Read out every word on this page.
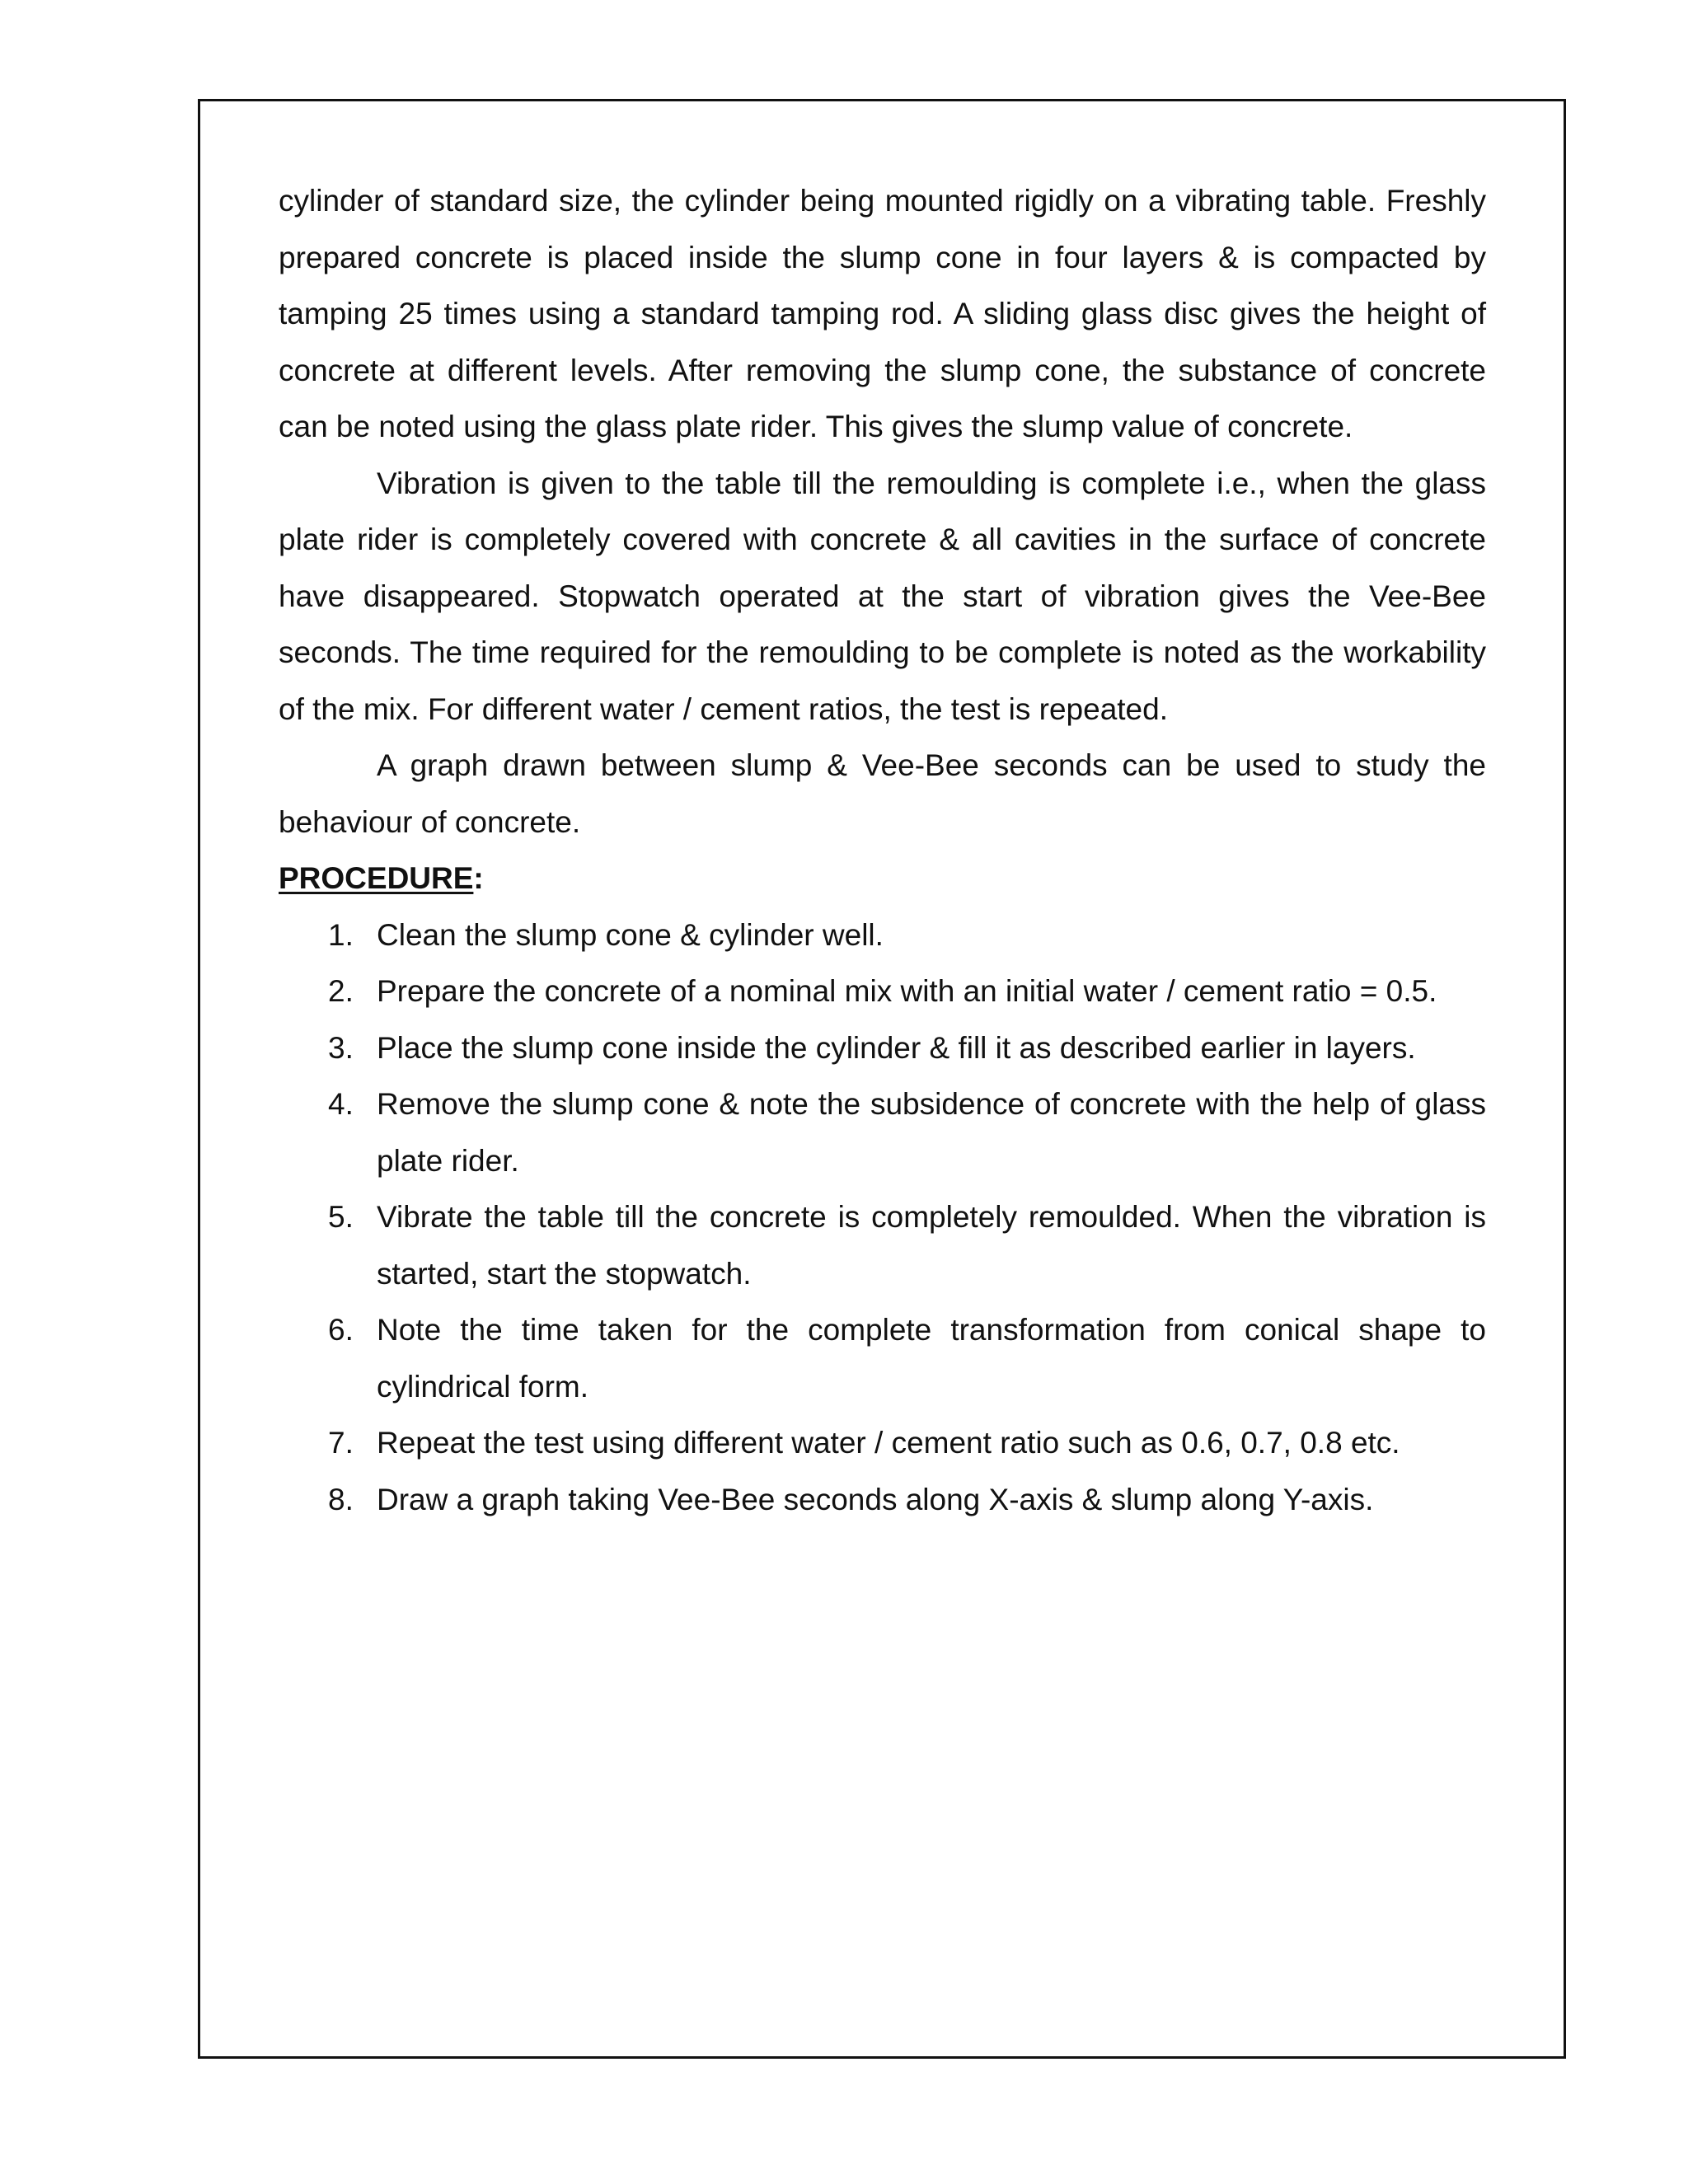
cylinder of standard size, the cylinder being mounted rigidly on a vibrating table. Freshly prepared concrete is placed inside the slump cone in four layers & is compacted by tamping 25 times using a standard tamping rod. A sliding glass disc gives the height of concrete at different levels. After removing the slump cone, the substance of concrete can be noted using the glass plate rider. This gives the slump value of concrete.

Vibration is given to the table till the remoulding is complete i.e., when the glass plate rider is completely covered with concrete & all cavities in the surface of concrete have disappeared. Stopwatch operated at the start of vibration gives the Vee-Bee seconds. The time required for the remoulding to be complete is noted as the workability of the mix. For different water / cement ratios, the test is repeated.

A graph drawn between slump & Vee-Bee seconds can be used to study the behaviour of concrete.

PROCEDURE:

1. Clean the slump cone & cylinder well.
2. Prepare the concrete of a nominal mix with an initial water / cement ratio = 0.5.
3. Place the slump cone inside the cylinder & fill it as described earlier in layers.
4. Remove the slump cone & note the subsidence of concrete with the help of glass plate rider.
5. Vibrate the table till the concrete is completely remoulded. When the vibration is started, start the stopwatch.
6. Note the time taken for the complete transformation from conical shape to cylindrical form.
7. Repeat the test using different water / cement ratio such as 0.6, 0.7, 0.8 etc.
8. Draw a graph taking Vee-Bee seconds along X-axis & slump along Y-axis.
